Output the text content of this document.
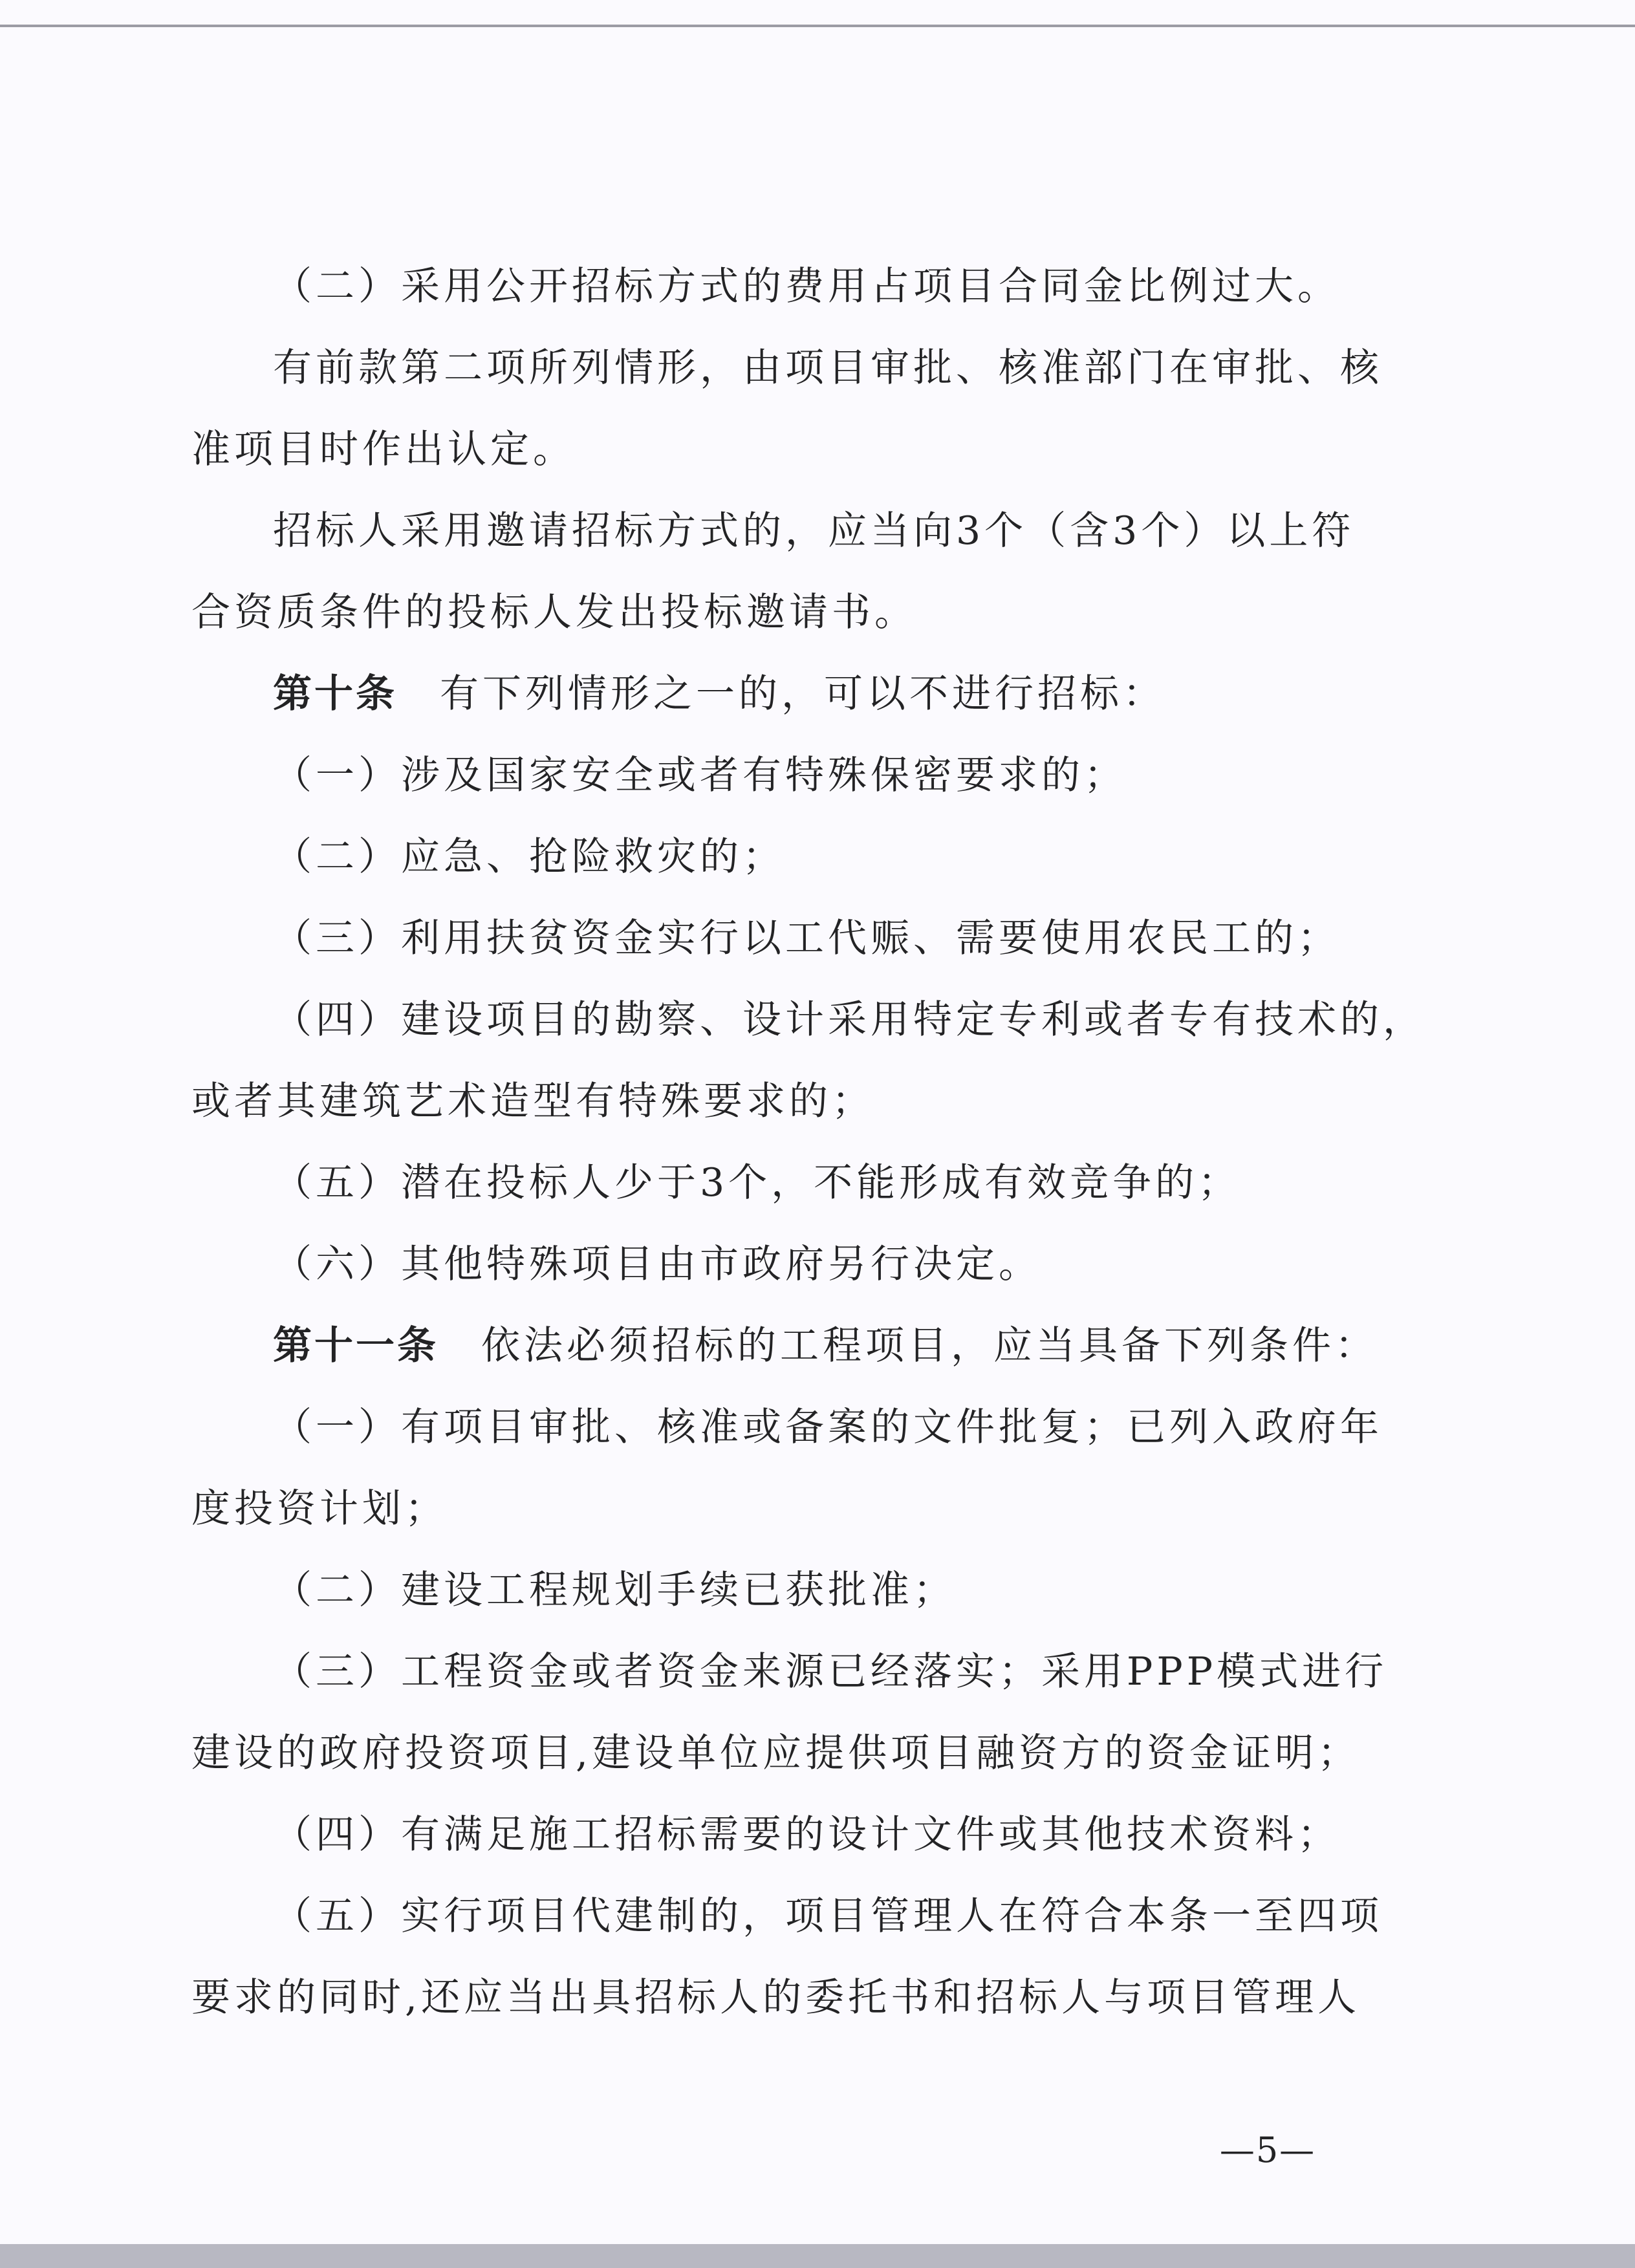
（二）采用公开招标方式的费用占项目合同金比例过大。

有前款第二项所列情形，由项目审批、核准部门在审批、核

准项目时作出认定。

招标人采用邀请招标方式的，应当向3个（含3个）以上符

合资质条件的投标人发出投标邀请书。

第十条　有下列情形之一的，可以不进行招标：

（一）涉及国家安全或者有特殊保密要求的；

（二）应急、抢险救灾的；

（三）利用扶贫资金实行以工代赈、需要使用农民工的；

（四）建设项目的勘察、设计采用特定专利或者专有技术的，

或者其建筑艺术造型有特殊要求的；

（五）潜在投标人少于3个，不能形成有效竞争的；

（六）其他特殊项目由市政府另行决定。

第十一条　依法必须招标的工程项目，应当具备下列条件：

（一）有项目审批、核准或备案的文件批复；已列入政府年

度投资计划；

（二）建设工程规划手续已获批准；

（三）工程资金或者资金来源已经落实；采用PPP模式进行

建设的政府投资项目,建设单位应提供项目融资方的资金证明；

（四）有满足施工招标需要的设计文件或其他技术资料；

（五）实行项目代建制的，项目管理人在符合本条一至四项

要求的同时,还应当出具招标人的委托书和招标人与项目管理人

—5—
